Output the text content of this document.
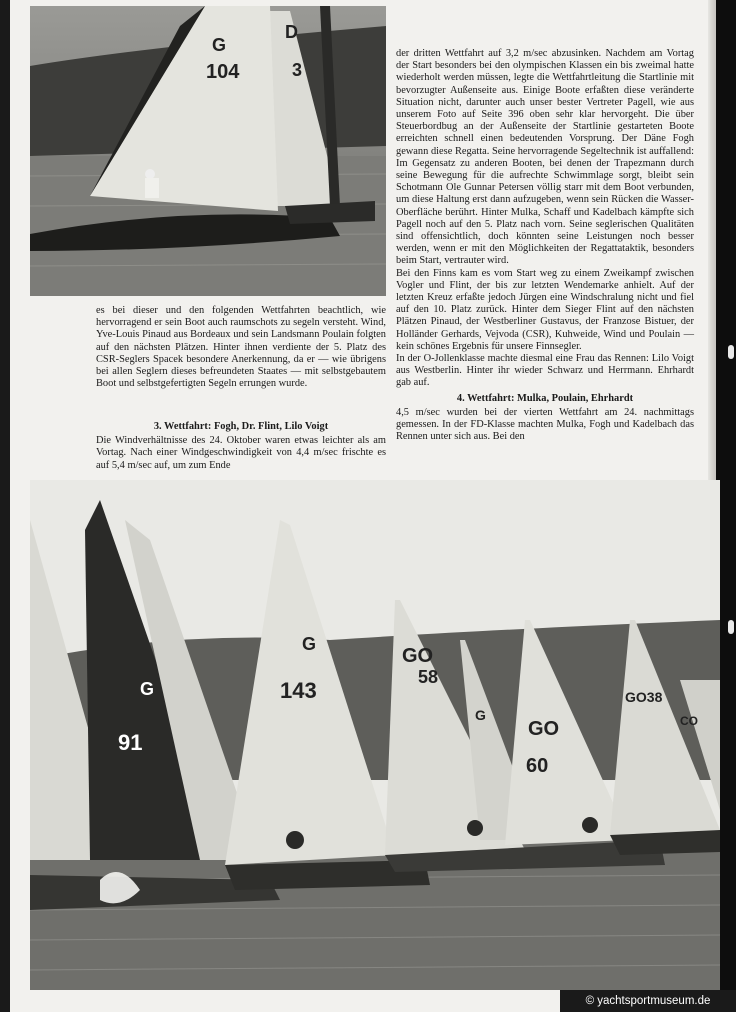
G
104
D
3

es bei dieser und den folgenden Wettfahrten beachtlich, wie hervorragend er sein Boot auch raumschots zu segeln versteht. Wind, Yve-Louis Pinaud aus Bordeaux und sein Landsmann Poulain folgten auf den nächsten Plätzen. Hinter ihnen verdiente der 5. Platz des CSR-Seglers Spacek besondere Anerkennung, da er — wie übrigens bei allen Seglern dieses befreundeten Staates — mit selbstgebautem Boot und selbstgefertigten Segeln errungen wurde.

3. Wettfahrt: Fogh, Dr. Flint, Lilo Voigt

Die Windverhältnisse des 24. Oktober waren etwas leichter als am Vortag. Nach einer Windgeschwindigkeit von 4,4 m/sec frischte es auf 5,4 m/sec auf, um zum Ende

der dritten Wettfahrt auf 3,2 m/sec abzusinken. Nachdem am Vortag der Start besonders bei den olympischen Klassen ein bis zweimal hatte wiederholt werden müssen, legte die Wettfahrtleitung die Startlinie mit bevorzugter Außenseite aus. Einige Boote erfaßten diese veränderte Situation nicht, darunter auch unser bester Vertreter Pagell, wie aus unserem Foto auf Seite 396 oben sehr klar hervorgeht. Die über Steuerbordbug an der Außenseite der Startlinie gestarteten Boote erreichten schnell einen bedeutenden Vorsprung. Der Däne Fogh gewann diese Regatta. Seine hervorragende Segeltechnik ist auffallend: Im Gegensatz zu anderen Booten, bei denen der Trapezmann durch seine Bewegung für die aufrechte Schwimmlage sorgt, bleibt sein Schotmann Ole Gunnar Petersen völlig starr mit dem Boot verbunden, um diese Haltung erst dann aufzugeben, wenn sein Rücken die Wasser-Oberfläche berührt. Hinter Mulka, Schaff und Kadelbach kämpfte sich Pagell noch auf den 5. Platz nach vorn. Seine seglerischen Qualitäten sind offensichtlich, doch könnten seine Leistungen noch besser werden, wenn er mit den Möglichkeiten der Regattataktik, besonders beim Start, vertrauter wird.

Bei den Finns kam es vom Start weg zu einem Zweikampf zwischen Vogler und Flint, der bis zur letzten Wendemarke anhielt. Auf der letzten Kreuz erfaßte jedoch Jürgen eine Windschralung nicht und fiel auf den 10. Platz zurück. Hinter dem Sieger Flint auf den nächsten Plätzen Pinaud, der Westberliner Gustavus, der Franzose Bistuer, der Holländer Gerhards, Vejvoda (CSR), Kuhweide, Wind und Poulain — kein schönes Ergebnis für unsere Finnsegler.

In der O-Jollenklasse machte diesmal eine Frau das Rennen: Lilo Voigt aus Westberlin. Hinter ihr wieder Schwarz und Herrmann. Ehrhardt gab auf.

4. Wettfahrt: Mulka, Poulain, Ehrhardt

4,5 m/sec wurden bei der vierten Wettfahrt am 24. nachmittags gemessen. In der FD-Klasse machten Mulka, Fogh und Kadelbach das Rennen unter sich aus. Bei den

G
91
G
143
GO
58
GO
60
GO38
G	CO
© yachtsportmuseum.de
